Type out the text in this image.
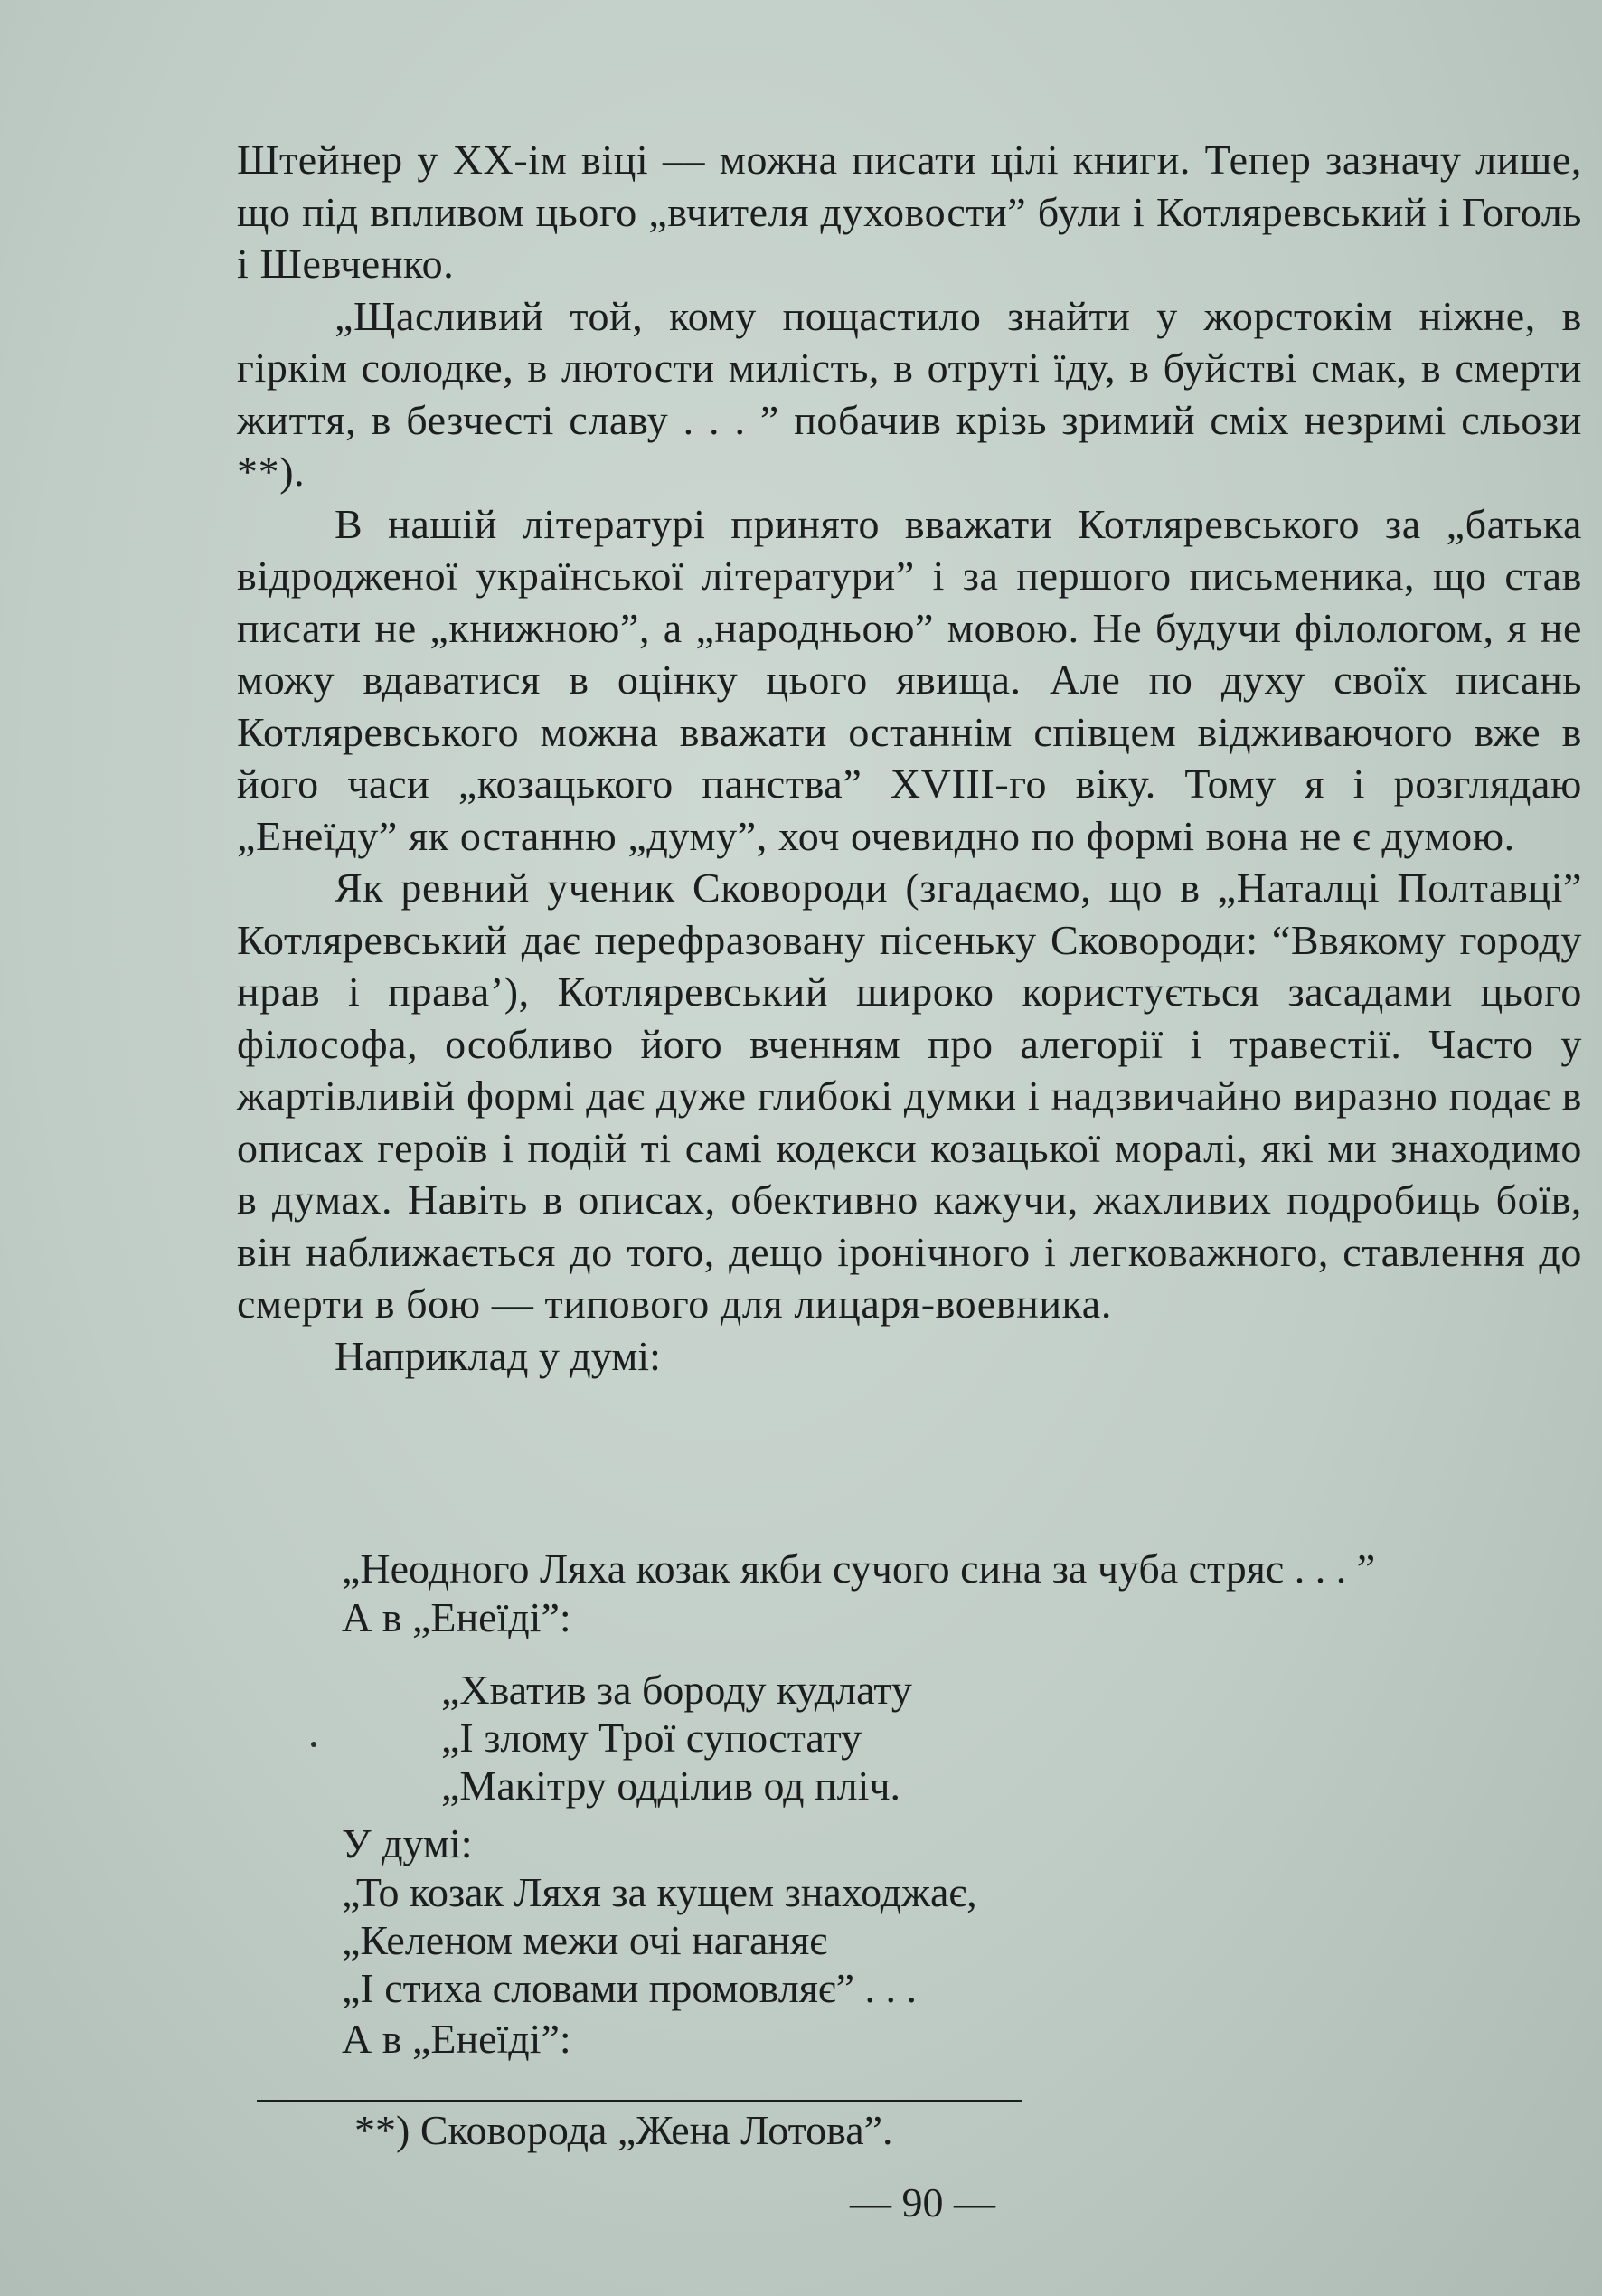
Штейнер у XX-ім віці –– можна писати цілі книги. Тепер зазначу лише, що під впливом цього „вчителя духовости” були і Котляревський і Гоголь і Шевченко.

„Щасливий той, кому пощастило знайти у жорстокім ніжне, в гіркім солодке, в лютости милість, в отруті їду, в буйстві смак, в смерти життя, в безчесті славу . . . ” побачив крізь зримий сміх незримі сльози **).

В нашій літературі принято вважати Котляревського за „батька відродженої української літератури” і за першого письменика, що став писати не „книжною”, а „народньою” мовою. Не будучи філологом, я не можу вдаватися в оцінку цього явища. Але по духу своїх писань Котляревського можна вважати останнім співцем відживаючого вже в його часи „козацького панства” XVIII-го віку. Тому я і розглядаю „Енеїду” як останню „думу”, хоч очевидно по формі вона не є думою.

Як ревний ученик Сковороди (згадаємо, що в „Наталці Полтавці” Котляревський дає перефразовану пісеньку Сковороди: “Ввякому городу нрав і права’), Котляревський широко користується засадами цього філософа, особливо його вченням про алегорії і травестії. Часто у жартівливій формі дає дуже глибокі думки і надзвичайно виразно подає в описах героїв і подій ті самі кодекси козацької моралі, які ми знаходимо в думах. Навіть в описах, обективно кажучи, жахливих подробиць боїв, він наближається до того, дещо іронічного і легковажного, ставлення до смерти в бою — типового для лицаря-воевника.

Наприклад у думі:

„Неодного Ляха козак якби сучого сина за чуба стряс . . . ”

А в „Енеїді”:

„Хватив за бороду кудлату

„І злому Трої супостату

„Макітру одділив од пліч.

У думі:

„То козак Ляхя за кущем знаходжає,

„Келеном межи очі наганяє

„І стиха словами промовляє” . . .

А в „Енеїді”:

**) Сковорода „Жена Лотова”.

— 90 —
